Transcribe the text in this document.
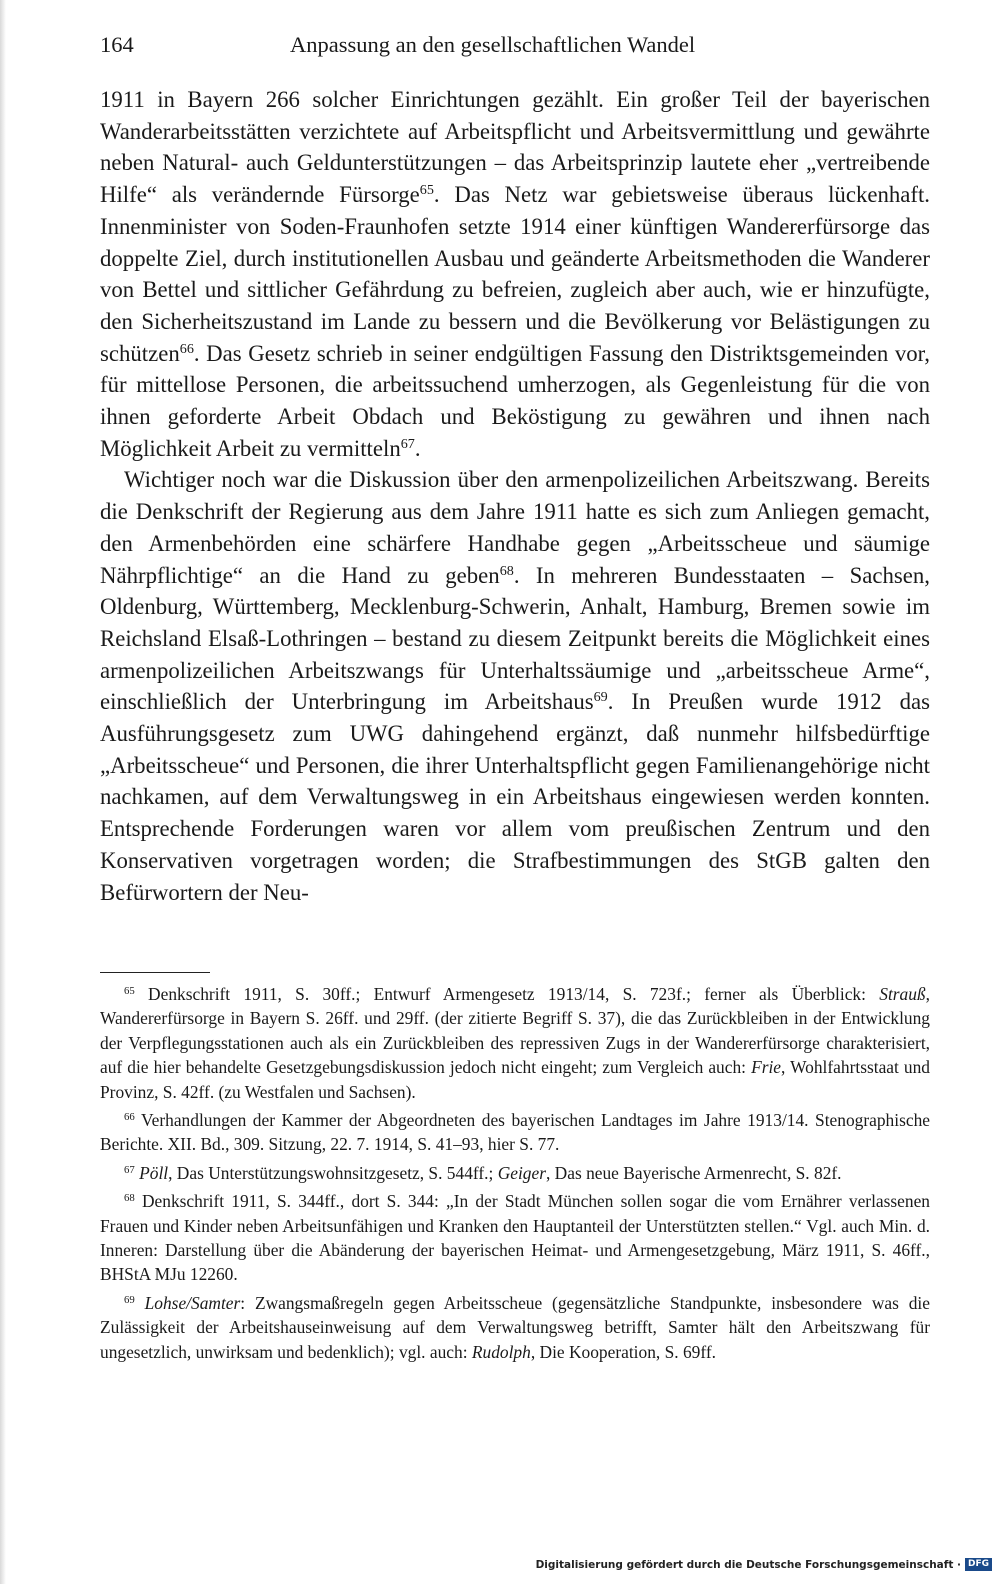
164	Anpassung an den gesellschaftlichen Wandel

1911 in Bayern 266 solcher Einrichtungen gezählt. Ein großer Teil der bayerischen Wanderarbeitsstätten verzichtete auf Arbeitspflicht und Arbeitsvermittlung und gewährte neben Natural- auch Geldunterstützungen – das Arbeitsprinzip lautete eher „vertreibende Hilfe“ als verändernde Fürsorge$^{65}$. Das Netz war gebietsweise überaus lückenhaft. Innenminister von Soden-Fraunhofen setzte 1914 einer künftigen Wandererfürsorge das doppelte Ziel, durch institutionellen Ausbau und geänderte Arbeitsmethoden die Wanderer von Bettel und sittlicher Gefährdung zu befreien, zugleich aber auch, wie er hinzufügte, den Sicherheitszustand im Lande zu bessern und die Bevölkerung vor Belästigungen zu schützen$^{66}$. Das Gesetz schrieb in seiner endgültigen Fassung den Distriktsgemeinden vor, für mittellose Personen, die arbeitssuchend umherzogen, als Gegenleistung für die von ihnen geforderte Arbeit Obdach und Beköstigung zu gewähren und ihnen nach Möglichkeit Arbeit zu vermitteln$^{67}$.

Wichtiger noch war die Diskussion über den armenpolizeilichen Arbeitszwang. Bereits die Denkschrift der Regierung aus dem Jahre 1911 hatte es sich zum Anliegen gemacht, den Armenbehörden eine schärfere Handhabe gegen „Arbeitsscheue und säumige Nährpflichtige“ an die Hand zu geben$^{68}$. In mehreren Bundesstaaten – Sachsen, Oldenburg, Württemberg, Mecklenburg-Schwerin, Anhalt, Hamburg, Bremen sowie im Reichsland Elsaß-Lothringen – bestand zu diesem Zeitpunkt bereits die Möglichkeit eines armenpolizeilichen Arbeitszwangs für Unterhaltssäumige und „arbeitsscheue Arme“, einschließlich der Unterbringung im Arbeitshaus$^{69}$. In Preußen wurde 1912 das Ausführungsgesetz zum UWG dahingehend ergänzt, daß nunmehr hilfsbedürftige „Arbeitsscheue“ und Personen, die ihrer Unterhaltspflicht gegen Familienangehörige nicht nachkamen, auf dem Verwaltungsweg in ein Arbeitshaus eingewiesen werden konnten. Entsprechende Forderungen waren vor allem vom preußischen Zentrum und den Konservativen vorgetragen worden; die Strafbestimmungen des StGB galten den Befürwortern der Neu-

$^{65}$ Denkschrift 1911, S. 30ff.; Entwurf Armengesetz 1913/14, S. 723f.; ferner als Überblick: Strauß, Wandererfürsorge in Bayern S. 26ff. und 29ff. (der zitierte Begriff S. 37), die das Zurückbleiben in der Entwicklung der Verpflegungsstationen auch als ein Zurückbleiben des repressiven Zugs in der Wandererfürsorge charakterisiert, auf die hier behandelte Gesetzgebungsdiskussion jedoch nicht eingeht; zum Vergleich auch: Frie, Wohlfahrtsstaat und Provinz, S. 42ff. (zu Westfalen und Sachsen).

$^{66}$ Verhandlungen der Kammer der Abgeordneten des bayerischen Landtages im Jahre 1913/14. Stenographische Berichte. XII. Bd., 309. Sitzung, 22. 7. 1914, S. 41–93, hier S. 77.

$^{67}$ Pöll, Das Unterstützungswohnsitzgesetz, S. 544ff.; Geiger, Das neue Bayerische Armenrecht, S. 82f.

$^{68}$ Denkschrift 1911, S. 344ff., dort S. 344: „In der Stadt München sollen sogar die vom Ernährer verlassenen Frauen und Kinder neben Arbeitsunfähigen und Kranken den Hauptanteil der Unterstützten stellen.“ Vgl. auch Min. d. Inneren: Darstellung über die Abänderung der bayerischen Heimat- und Armengesetzgebung, März 1911, S. 46ff., BHStA MJu 12260.

$^{69}$ Lohse/Samter: Zwangsmaßregeln gegen Arbeitsscheue (gegensätzliche Standpunkte, insbesondere was die Zulässigkeit der Arbeitshauseinweisung auf dem Verwaltungsweg betrifft, Samter hält den Arbeitszwang für ungesetzlich, unwirksam und bedenklich); vgl. auch: Rudolph, Die Kooperation, S. 69ff.

Digitalisierung gefördert durch die Deutsche Forschungsgemeinschaft · DFG
